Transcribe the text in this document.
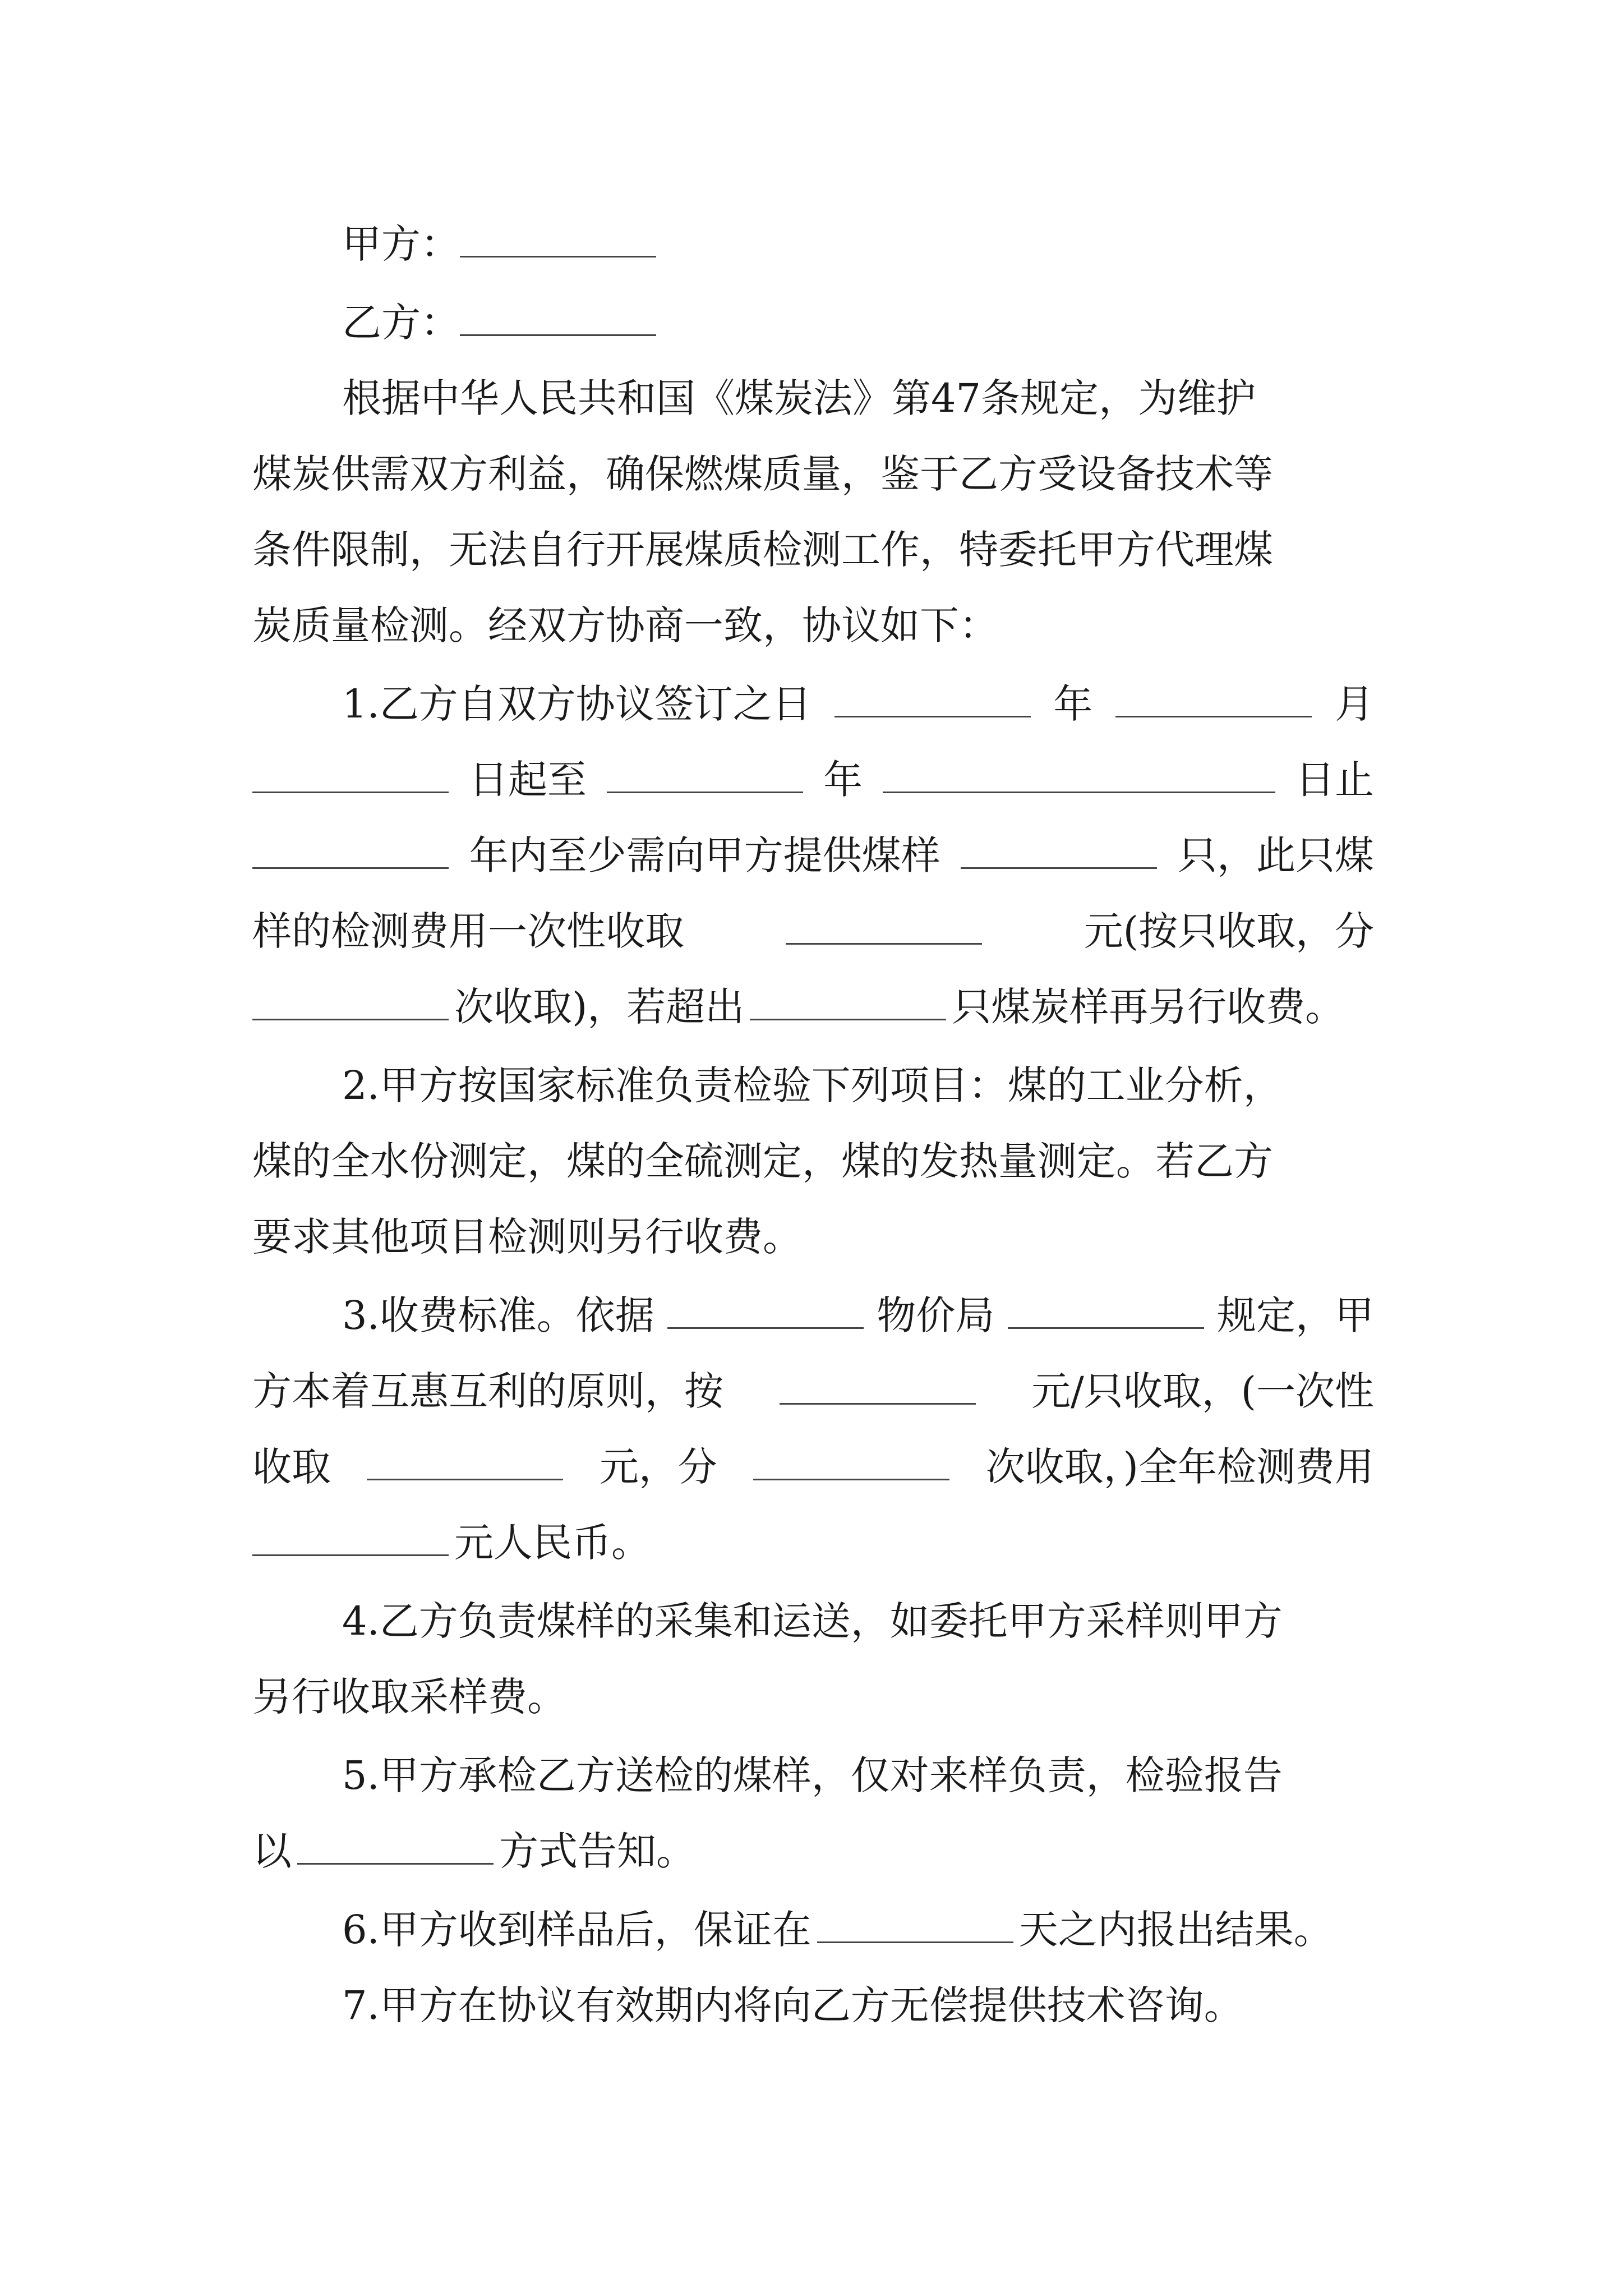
甲方：
乙方：
根据中华人民共和国《煤炭法》第47条规定，为维护
煤炭供需双方利益，确保燃煤质量，鉴于乙方受设备技术等
条件限制，无法自行开展煤质检测工作，特委托甲方代理煤
炭质量检测。经双方协商一致，协议如下：
1.乙方自双方协议签订之日	年	月
日起至	年	日止
年内至少需向甲方提供煤样	只，此只煤
样的检测费用一次性收取	元(按只收取，分
次收取)，若超出	只煤炭样再另行收费。
2.甲方按国家标准负责检验下列项目：煤的工业分析，
煤的全水份测定，煤的全硫测定，煤的发热量测定。若乙方
要求其他项目检测则另行收费。
3.收费标准。依据	物价局	规定，甲
方本着互惠互利的原则，按	元/只收取，(一次性
收取	元，分	次收取，)全年检测费用
元人民币。
4.乙方负责煤样的采集和运送，如委托甲方采样则甲方
另行收取采样费。
5.甲方承检乙方送检的煤样，仅对来样负责，检验报告
以	方式告知。
6.甲方收到样品后，保证在	天之内报出结果。
7.甲方在协议有效期内将向乙方无偿提供技术咨询。
